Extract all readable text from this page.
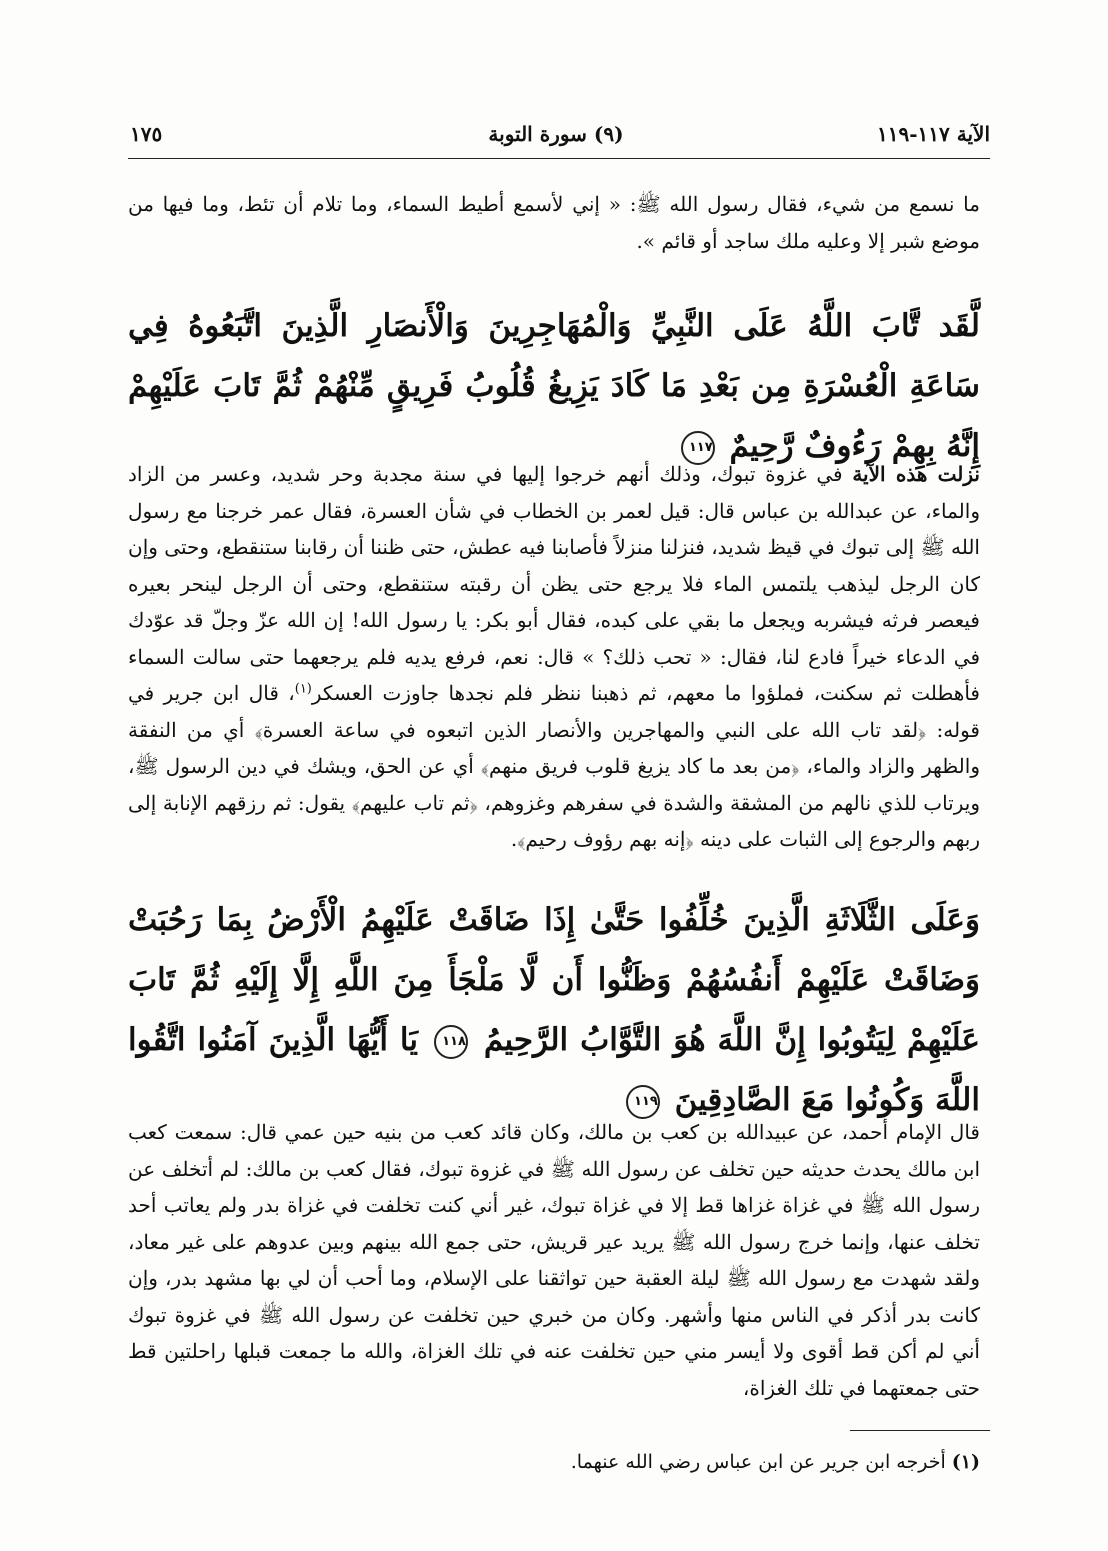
الآية ١١٧-١١٩
(٩) سورة التوبة
١٧٥

ما نسمع من شيء، فقال رسول الله ﷺ: « إني لأسمع أطيط السماء، وما تلام أن تئط، وما فيها من موضع شبر إلا وعليه ملك ساجد أو قائم ».

لَّقَد تَّابَ اللَّهُ عَلَى النَّبِيِّ وَالْمُهَاجِرِينَ وَالْأَنصَارِ الَّذِينَ اتَّبَعُوهُ فِي سَاعَةِ الْعُسْرَةِ مِن بَعْدِ مَا كَادَ يَزِيغُ قُلُوبُ فَرِيقٍ مِّنْهُمْ ثُمَّ تَابَ عَلَيْهِمْ إِنَّهُ بِهِمْ رَءُوفٌ رَّحِيمٌ ١١٧

نزلت هذه الآية في غزوة تبوك، وذلك أنهم خرجوا إليها في سنة مجدبة وحر شديد، وعسر من الزاد والماء، عن عبدالله بن عباس قال: قيل لعمر بن الخطاب في شأن العسرة، فقال عمر خرجنا مع رسول الله ﷺ إلى تبوك في قيظ شديد، فنزلنا منزلاً فأصابنا فيه عطش، حتى ظننا أن رقابنا ستنقطع، وحتى وإن كان الرجل ليذهب يلتمس الماء فلا يرجع حتى يظن أن رقبته ستنقطع، وحتى أن الرجل لينحر بعيره فيعصر فرثه فيشربه ويجعل ما بقي على كبده، فقال أبو بكر: يا رسول الله! إن الله عزّ وجلّ قد عوّدك في الدعاء خيراً فادع لنا، فقال: « تحب ذلك؟ » قال: نعم، فرفع يديه فلم يرجعهما حتى سالت السماء فأهطلت ثم سكنت، فملؤوا ما معهم، ثم ذهبنا ننظر فلم نجدها جاوزت العسكر$^{(١)}$، قال ابن جرير في قوله: ﴿لقد تاب الله على النبي والمهاجرين والأنصار الذين اتبعوه في ساعة العسرة﴾ أي من النفقة والظهر والزاد والماء، ﴿من بعد ما كاد يزيغ قلوب فريق منهم﴾ أي عن الحق، ويشك في دين الرسول ﷺ، ويرتاب للذي نالهم من المشقة والشدة في سفرهم وغزوهم، ﴿ثم تاب عليهم﴾ يقول: ثم رزقهم الإنابة إلى ربهم والرجوع إلى الثبات على دينه ﴿إنه بهم رؤوف رحيم﴾.

وَعَلَى الثَّلَاثَةِ الَّذِينَ خُلِّفُوا حَتَّىٰ إِذَا ضَاقَتْ عَلَيْهِمُ الْأَرْضُ بِمَا رَحُبَتْ وَضَاقَتْ عَلَيْهِمْ أَنفُسُهُمْ وَظَنُّوا أَن لَّا مَلْجَأَ مِنَ اللَّهِ إِلَّا إِلَيْهِ ثُمَّ تَابَ عَلَيْهِمْ لِيَتُوبُوا إِنَّ اللَّهَ هُوَ التَّوَّابُ الرَّحِيمُ ١١٨ يَا أَيُّهَا الَّذِينَ آمَنُوا اتَّقُوا اللَّهَ وَكُونُوا مَعَ الصَّادِقِينَ ١١٩

قال الإمام أحمد، عن عبيدالله بن كعب بن مالك، وكان قائد كعب من بنيه حين عمي قال: سمعت كعب ابن مالك يحدث حديثه حين تخلف عن رسول الله ﷺ في غزوة تبوك، فقال كعب بن مالك: لم أتخلف عن رسول الله ﷺ في غزاة غزاها قط إلا في غزاة تبوك، غير أني كنت تخلفت في غزاة بدر ولم يعاتب أحد تخلف عنها، وإنما خرج رسول الله ﷺ يريد عير قريش، حتى جمع الله بينهم وبين عدوهم على غير معاد، ولقد شهدت مع رسول الله ﷺ ليلة العقبة حين تواثقنا على الإسلام، وما أحب أن لي بها مشهد بدر، وإن كانت بدر أذكر في الناس منها وأشهر. وكان من خبري حين تخلفت عن رسول الله ﷺ في غزوة تبوك أني لم أكن قط أقوى ولا أيسر مني حين تخلفت عنه في تلك الغزاة، والله ما جمعت قبلها راحلتين قط حتى جمعتهما في تلك الغزاة،

(١) أخرجه ابن جرير عن ابن عباس رضي الله عنهما.
